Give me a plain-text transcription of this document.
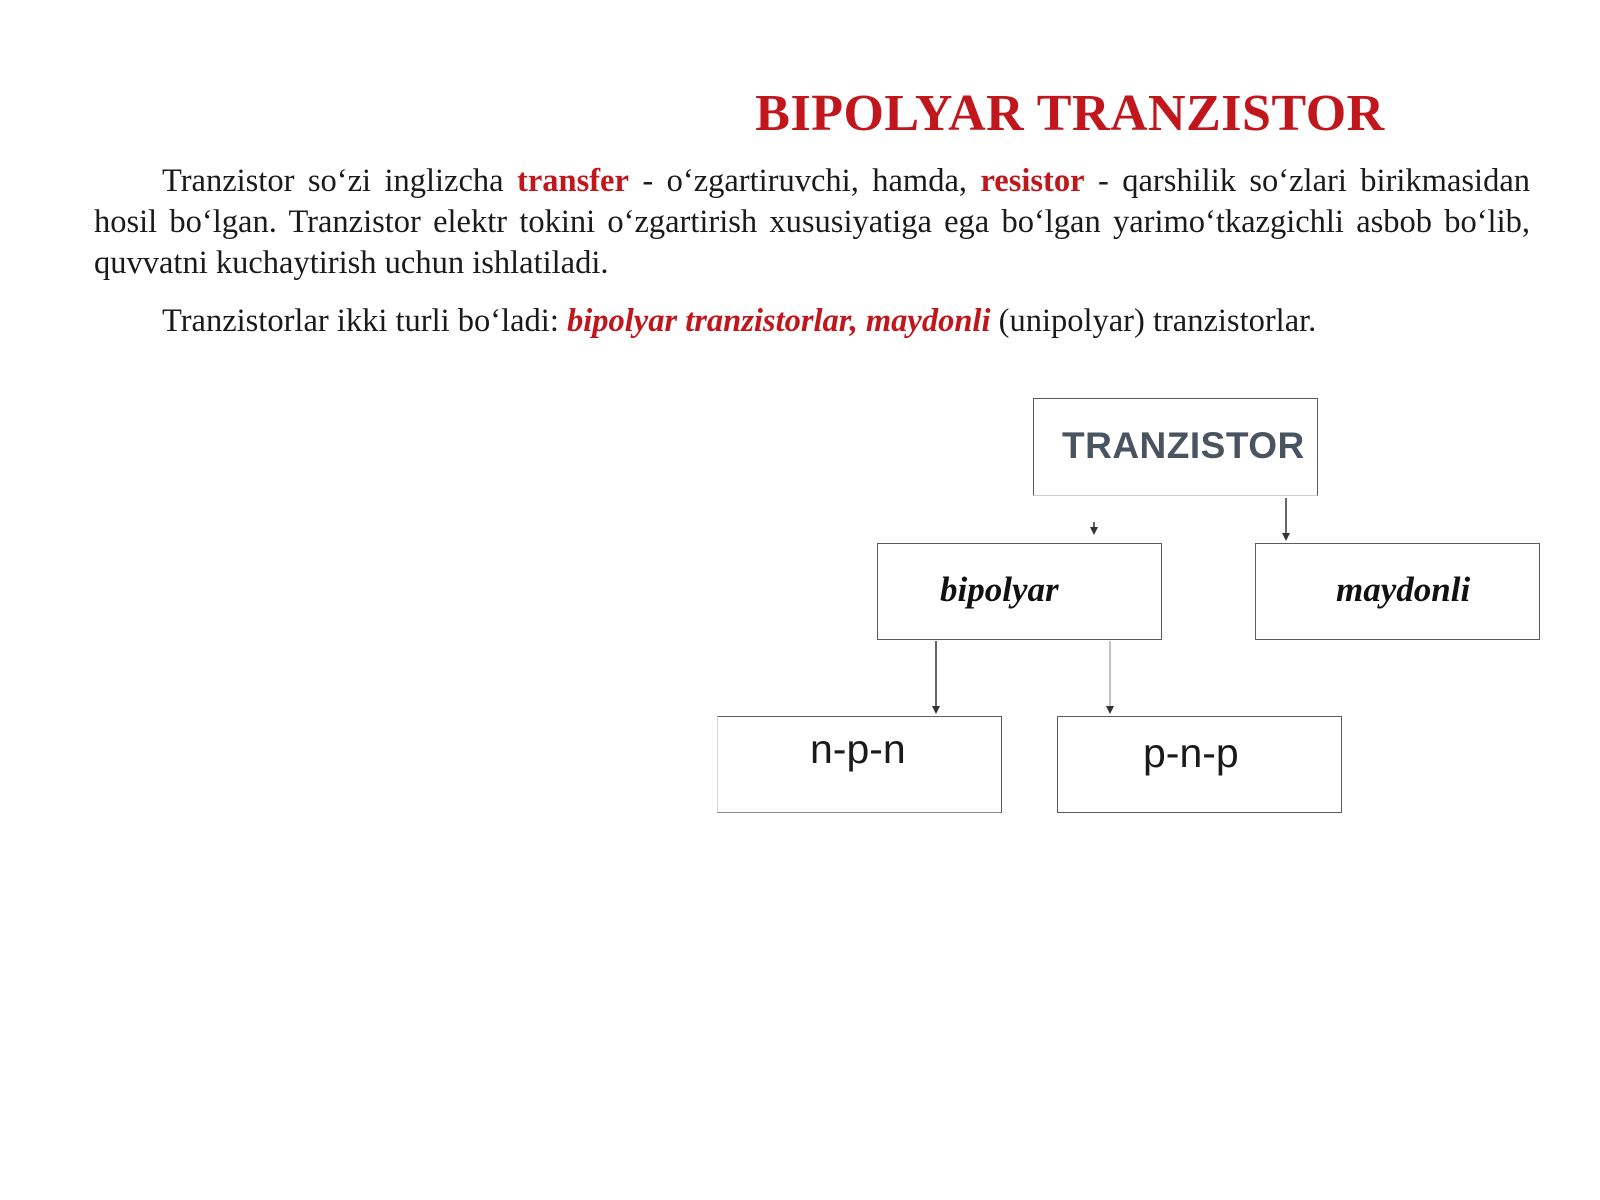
BIPOLYAR TRANZISTOR

Tranzistor so‘zi inglizcha transfer - o‘zgartiruvchi, hamda, resistor - qarshilik so‘zlari birikmasidan hosil bo‘lgan. Tranzistor elektr tokini o‘zgartirish xususiyatiga ega bo‘lgan yarimo‘tkazgichli asbob bo‘lib, quvvatni kuchaytirish uchun ishlatiladi.

Tranzistorlar ikki turli bo‘ladi: bipolyar tranzistorlar, maydonli (unipolyar) tranzistorlar.

TRANZISTOR
bipolyar	maydonli
n-p-n	p-n-p
